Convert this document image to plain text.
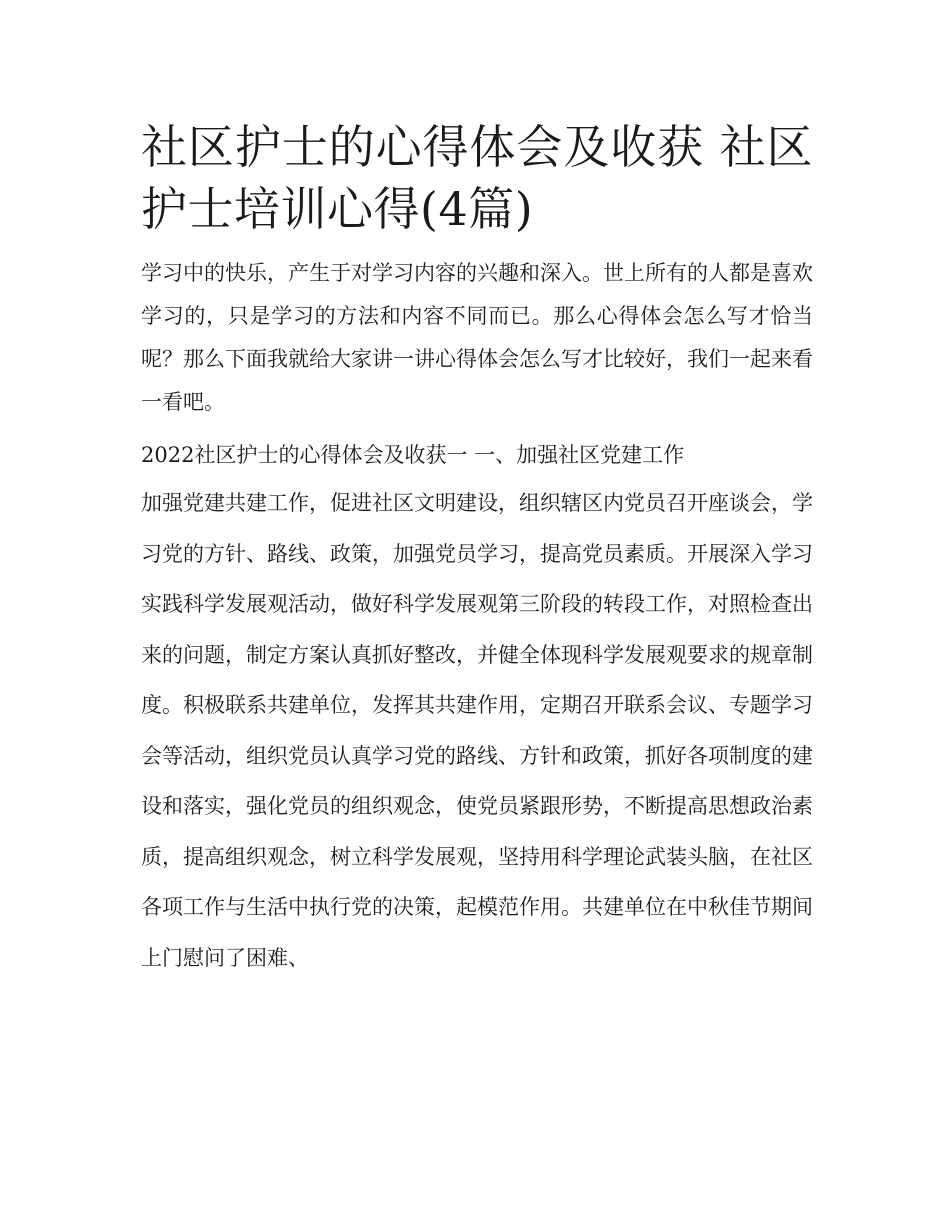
社区护士的心得体会及收获 社区护士培训心得(4篇)

学习中的快乐，产生于对学习内容的兴趣和深入。世上所有的人都是喜欢学习的，只是学习的方法和内容不同而已。那么心得体会怎么写才恰当呢？那么下面我就给大家讲一讲心得体会怎么写才比较好，我们一起来看一看吧。

2022社区护士的心得体会及收获一 一、加强社区党建工作

加强党建共建工作，促进社区文明建设，组织辖区内党员召开座谈会，学习党的方针、路线、政策，加强党员学习，提高党员素质。开展深入学习实践科学发展观活动，做好科学发展观第三阶段的转段工作，对照检查出来的问题，制定方案认真抓好整改，并健全体现科学发展观要求的规章制度。积极联系共建单位，发挥其共建作用，定期召开联系会议、专题学习会等活动，组织党员认真学习党的路线、方针和政策，抓好各项制度的建设和落实，强化党员的组织观念，使党员紧跟形势，不断提高思想政治素质，提高组织观念，树立科学发展观，坚持用科学理论武装头脑，在社区各项工作与生活中执行党的决策，起模范作用。共建单位在中秋佳节期间上门慰问了困难、
